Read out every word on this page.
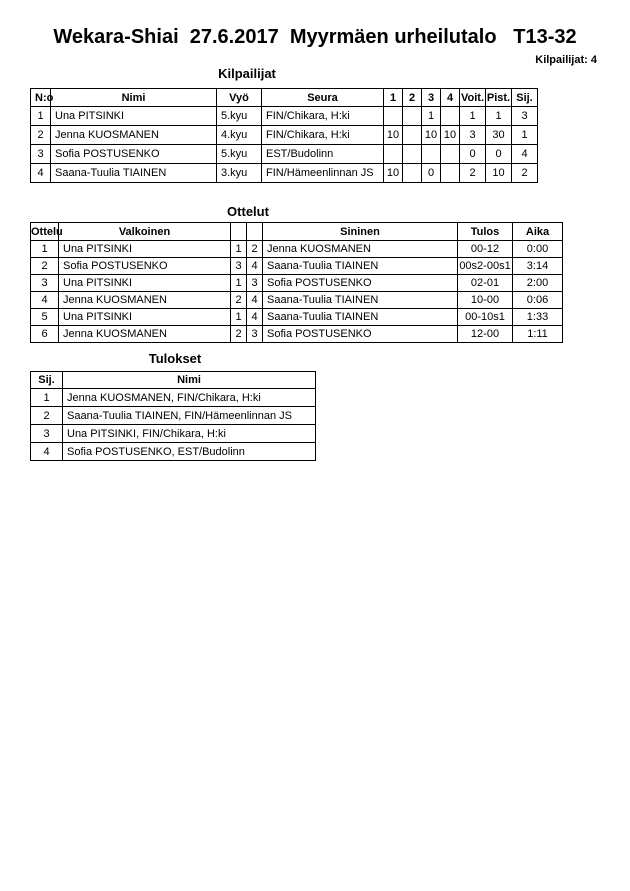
Wekara-Shiai  27.6.2017  Myyrmäen urheilutalo   T13-32
Kilpailijat: 4
Kilpailijat
N:o	Nimi	Vyö	Seura	1	2	3	4	Voit.	Pist.	Sij.
1	Una PITSINKI	5.kyu	FIN/Chikara, H:ki			1		1	1	3
2	Jenna KUOSMANEN	4.kyu	FIN/Chikara, H:ki	10		10	10	3	30	1
3	Sofia POSTUSENKO	5.kyu	EST/Budolinn					0	0	4
4	Saana-Tuulia TIAINEN	3.kyu	FIN/Hämeenlinnan JS	10		0		2	10	2
Ottelut
Ottelu	Valkoinen			Sininen	Tulos	Aika
1	Una PITSINKI	1	2	Jenna KUOSMANEN	00-12	0:00
2	Sofia POSTUSENKO	3	4	Saana-Tuulia TIAINEN	00s2-00s1	3:14
3	Una PITSINKI	1	3	Sofia POSTUSENKO	02-01	2:00
4	Jenna KUOSMANEN	2	4	Saana-Tuulia TIAINEN	10-00	0:06
5	Una PITSINKI	1	4	Saana-Tuulia TIAINEN	00-10s1	1:33
6	Jenna KUOSMANEN	2	3	Sofia POSTUSENKO	12-00	1:11
Tulokset
Sij.	Nimi
1	Jenna KUOSMANEN, FIN/Chikara, H:ki
2	Saana-Tuulia TIAINEN, FIN/Hämeenlinnan JS
3	Una PITSINKI, FIN/Chikara, H:ki
4	Sofia POSTUSENKO, EST/Budolinn
